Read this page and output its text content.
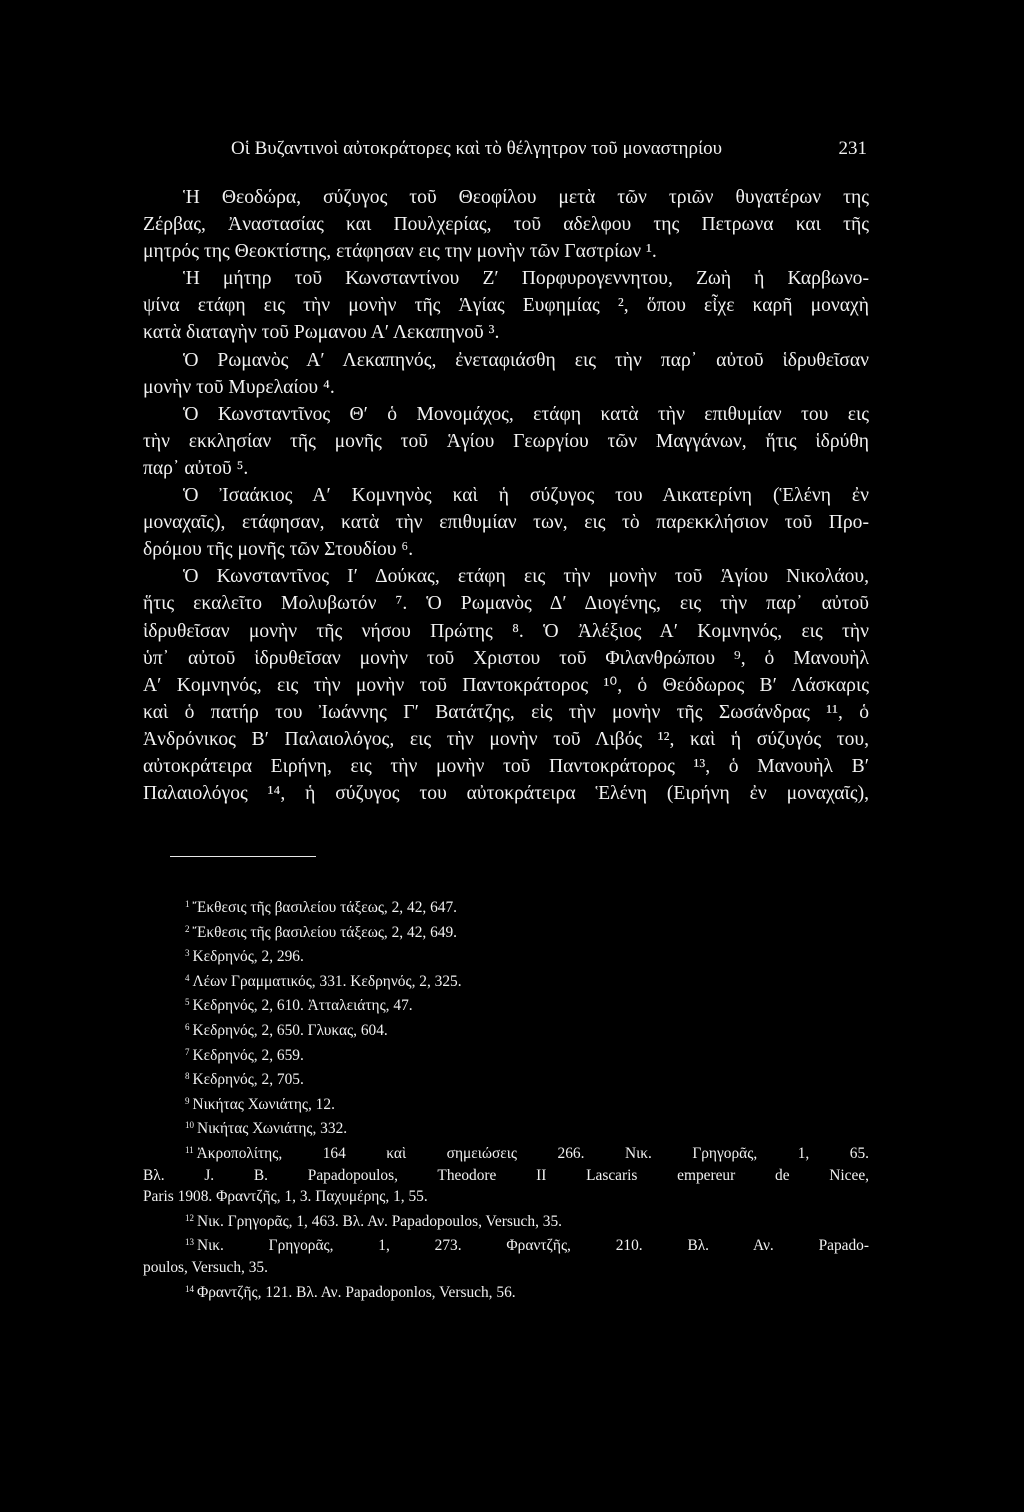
Οἱ Βυζαντινοὶ αὐτοκράτορες καὶ τὸ θέλγητρον τοῦ μοναστηρίου	231
Ἡ Θεοδώρα, σύζυγος τοῦ Θεοφίλου μετὰ τῶν τριῶν θυγατέρων της
Ζέρβας, Ἀναστασίας και Πουλχερίας, τοῦ αδελφου της Πετρωνα και τῆς
μητρός της Θεοκτίστης, ετάφησαν εις την μονὴν τῶν Γαστρίων ¹.
Ἡ μήτηρ τοῦ Κωνσταντίνου Ζ′ Πορφυρογεννητου, Ζωὴ ἡ Καρβωνο-
ψίνα ετάφη εις τὴν μονὴν τῆς Ἁγίας Ευφημίας ², ὅπου εἶχε καρῆ μοναχὴ
κατὰ διαταγὴν τοῦ Ρωμανου Α′ Λεκαπηνοῦ ³.
Ὁ Ρωμανὸς Α′ Λεκαπηνός, ἐνεταφιάσθη εις τὴν παρ᾽ αὐτοῦ ἱδρυθεῖσαν
μονὴν τοῦ Μυρελαίου ⁴.
Ὁ Κωνσταντῖνος Θ′ ὁ Μονομάχος, ετάφη κατὰ τὴν επιθυμίαν του εις
τὴν εκκλησίαν τῆς μονῆς τοῦ Ἁγίου Γεωργίου τῶν Μαγγάνων, ἥτις ἱδρύθη
παρ᾽ αὐτοῦ ⁵.
Ὁ Ἰσαάκιος Α′ Κομνηνὸς καὶ ἡ σύζυγος του Αικατερίνη (Ἑλένη ἐν
μοναχαῖς), ετάφησαν, κατὰ τὴν επιθυμίαν των, εις τὸ παρεκκλήσιον τοῦ Προ-
δρόμου τῆς μονῆς τῶν Στουδίου ⁶.
Ὁ Κωνσταντῖνος Ι′ Δούκας, ετάφη εις τὴν μονὴν τοῦ Ἁγίου Νικολάου,
ἥτις εκαλεῖτο Μολυβωτόν ⁷. Ὁ Ρωμανὸς Δ′ Διογένης, εις τὴν παρ᾽ αὐτοῦ
ἱδρυθεῖσαν μονὴν τῆς νήσου Πρώτης ⁸. Ὁ Ἀλέξιος Α′ Κομνηνός, εις τὴν
ὑπ᾽ αὐτοῦ ἱδρυθεῖσαν μονὴν τοῦ Χριστου τοῦ Φιλανθρώπου ⁹, ὁ Μανουὴλ
Α′ Κομνηνός, εις τὴν μονὴν τοῦ Παντοκράτορος ¹⁰, ὁ Θεόδωρος Β′ Λάσκαρις
καὶ ὁ πατήρ του Ἰωάννης Γ′ Βατάτζης, εἰς τὴν μονὴν τῆς Σωσάνδρας ¹¹, ὁ
Ἀνδρόνικος Β′ Παλαιολόγος, εις τὴν μονὴν τοῦ Λιβός ¹², καὶ ἡ σύζυγός του,
αὐτοκράτειρα Ειρήνη, εις τὴν μονὴν τοῦ Παντοκράτορος ¹³, ὁ Μανουὴλ Β′
Παλαιολόγος ¹⁴, ἡ σύζυγος του αὐτοκράτειρα Ἑλένη (Ειρήνη ἐν μοναχαῖς),
$^1$ Ἔκθεσις τῆς βασιλείου τάξεως, 2, 42, 647.
$^2$ Ἔκθεσις τῆς βασιλείου τάξεως, 2, 42, 649.
$^3$ Κεδρηνός, 2, 296.
$^4$ Λέων Γραμματικός, 331. Κεδρηνός, 2, 325.
$^5$ Κεδρηνός, 2, 610. Ἀτταλειάτης, 47.
$^6$ Κεδρηνός, 2, 650. Γλυκας, 604.
$^7$ Κεδρηνός, 2, 659.
$^8$ Κεδρηνός, 2, 705.
$^9$ Νικήτας Χωνιάτης, 12.
$^{10}$ Νικήτας Χωνιάτης, 332.
$^{11}$ Ἀκροπολίτης, 164 καὶ σημειώσεις 266. Νικ. Γρηγορᾶς, 1, 65.
Βλ. J. B. Papadopoulos, Theodore II Lascaris empereur de Nicee,
Paris 1908. Φραντζῆς, 1, 3. Παχυμέρης, 1, 55.
$^{12}$ Νικ. Γρηγορᾶς, 1, 463. Βλ. Αν. Papadopoulos, Versuch, 35.
$^{13}$ Νικ. Γρηγορᾶς, 1, 273. Φραντζῆς, 210. Βλ. Αν. Papado-
poulos, Versuch, 35.
$^{14}$ Φραντζῆς, 121. Βλ. Αν. Papadoponlos, Versuch, 56.
